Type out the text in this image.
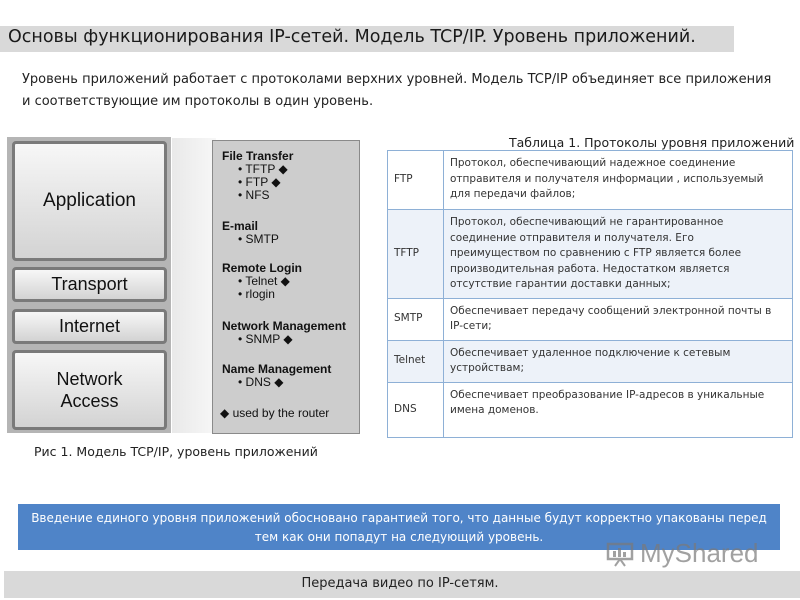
Основы функционирования IP-сетей. Модель TCP/IP. Уровень приложений.
Уровень приложений работает с протоколами верхних уровней. Модель TCP/IP объединяет все приложения и соответствующие им протоколы в один уровень.
Application
Transport
Internet
Network
Access
File Transfer
• TFTP ◆
• FTP ◆
• NFS
E-mail
• SMTP
Remote Login
• Telnet ◆
• rlogin
Network Management
• SNMP ◆
Name Management
• DNS ◆
◆ used by the router
Рис 1. Модель TCP/IP, уровень приложений
Таблица 1. Протоколы уровня приложений
FTP	Протокол, обеспечивающий надежное соединение отправителя и получателя информации , используемый для передачи файлов;
TFTP	Протокол, обеспечивающий не гарантированное соединение отправителя и получателя. Его преимуществом по сравнению с FTP является более производительная работа. Недостатком является отсутствие гарантии доставки данных;
SMTP	Обеспечивает передачу сообщений электронной почты в IP-сети;
Telnet	Обеспечивает удаленное подключение к сетевым устройствам;
DNS	Обеспечивает преобразование IP-адресов в уникальные имена доменов.
Введение единого уровня приложений обосновано гарантией того, что данные будут корректно упакованы перед тем как они попадут на следующий уровень.
MyShared
Передача видео по IP-сетям.
